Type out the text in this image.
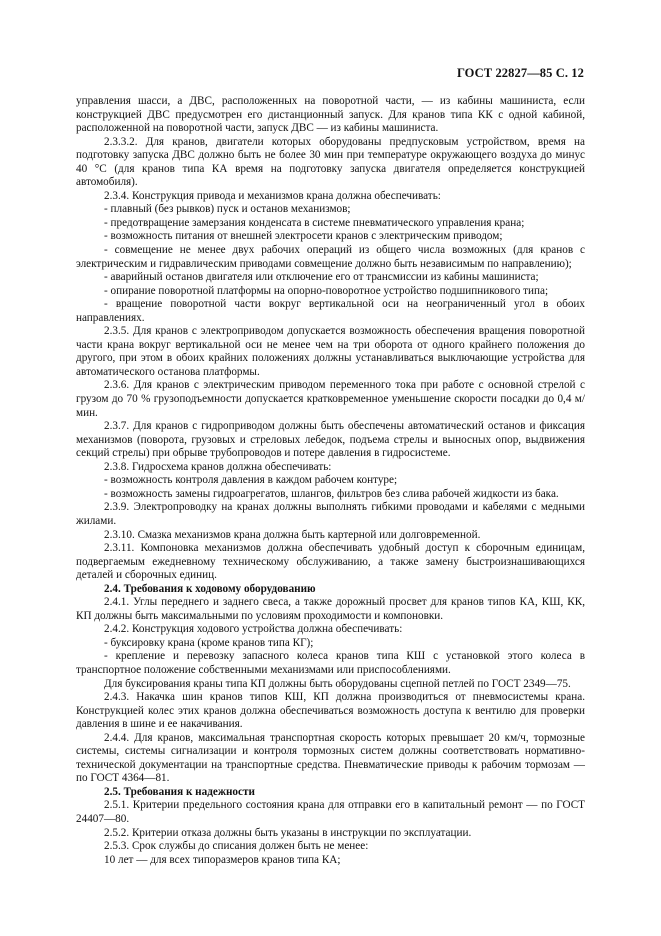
ГОСТ 22827—85 С. 12

управления шасси, а ДВС, расположенных на поворотной части, — из кабины машиниста, если конструкцией ДВС предусмотрен его дистанционный запуск. Для кранов типа КК с одной кабиной, расположенной на поворотной части, запуск ДВС — из кабины машиниста.

2.3.3.2. Для кранов, двигатели которых оборудованы предпусковым устройством, время на подготовку запуска ДВС должно быть не более 30 мин при температуре окружающего воздуха до минус 40 °С (для кранов типа КА время на подготовку запуска двигателя определяется конструкцией автомобиля).

2.3.4. Конструкция привода и механизмов крана должна обеспечивать:

- плавный (без рывков) пуск и останов механизмов;

- предотвращение замерзания конденсата в системе пневматического управления крана;

- возможность питания от внешней электросети кранов с электрическим приводом;

- совмещение не менее двух рабочих операций из общего числа возможных (для кранов с электрическим и гидравлическим приводами совмещение должно быть независимым по направлению);

- аварийный останов двигателя или отключение его от трансмиссии из кабины машиниста;

- опирание поворотной платформы на опорно-поворотное устройство подшипникового типа;

- вращение поворотной части вокруг вертикальной оси на неограниченный угол в обоих направлениях.

2.3.5. Для кранов с электроприводом допускается возможность обеспечения вращения поворотной части крана вокруг вертикальной оси не менее чем на три оборота от одного крайнего положения до другого, при этом в обоих крайних положениях должны устанавливаться выключающие устройства для автоматического останова платформы.

2.3.6. Для кранов с электрическим приводом переменного тока при работе с основной стрелой с грузом до 70 % грузоподъемности допускается кратковременное уменьшение скорости посадки до 0,4 м/мин.

2.3.7. Для кранов с гидроприводом должны быть обеспечены автоматический останов и фиксация механизмов (поворота, грузовых и стреловых лебедок, подъема стрелы и выносных опор, выдвижения секций стрелы) при обрыве трубопроводов и потере давления в гидросистеме.

2.3.8. Гидросхема кранов должна обеспечивать:

- возможность контроля давления в каждом рабочем контуре;

- возможность замены гидроагрегатов, шлангов, фильтров без слива рабочей жидкости из бака.

2.3.9. Электропроводку на кранах должны выполнять гибкими проводами и кабелями с медными жилами.

2.3.10. Смазка механизмов крана должна быть картерной или долговременной.

2.3.11. Компоновка механизмов должна обеспечивать удобный доступ к сборочным единицам, подвергаемым ежедневному техническому обслуживанию, а также замену быстроизнашивающихся деталей и сборочных единиц.

2.4. Требования к ходовому оборудованию

2.4.1. Углы переднего и заднего свеса, а также дорожный просвет для кранов типов КА, КШ, КК, КП должны быть максимальными по условиям проходимости и компоновки.

2.4.2. Конструкция ходового устройства должна обеспечивать:

- буксировку крана (кроме кранов типа КГ);

- крепление и перевозку запасного колеса кранов типа КШ с установкой этого колеса в транспортное положение собственными механизмами или приспособлениями.

Для буксирования краны типа КП должны быть оборудованы сцепной петлей по ГОСТ 2349—75.

2.4.3. Накачка шин кранов типов КШ, КП должна производиться от пневмосистемы крана. Конструкцией колес этих кранов должна обеспечиваться возможность доступа к вентилю для проверки давления в шине и ее накачивания.

2.4.4. Для кранов, максимальная транспортная скорость которых превышает 20 км/ч, тормозные системы, системы сигнализации и контроля тормозных систем должны соответствовать нормативно-технической документации на транспортные средства. Пневматические приводы к рабочим тормозам — по ГОСТ 4364—81.

2.5. Требования к надежности

2.5.1. Критерии предельного состояния крана для отправки его в капитальный ремонт — по ГОСТ 24407—80.

2.5.2. Критерии отказа должны быть указаны в инструкции по эксплуатации.

2.5.3. Срок службы до списания должен быть не менее:

10 лет — для всех типоразмеров кранов типа КА;
